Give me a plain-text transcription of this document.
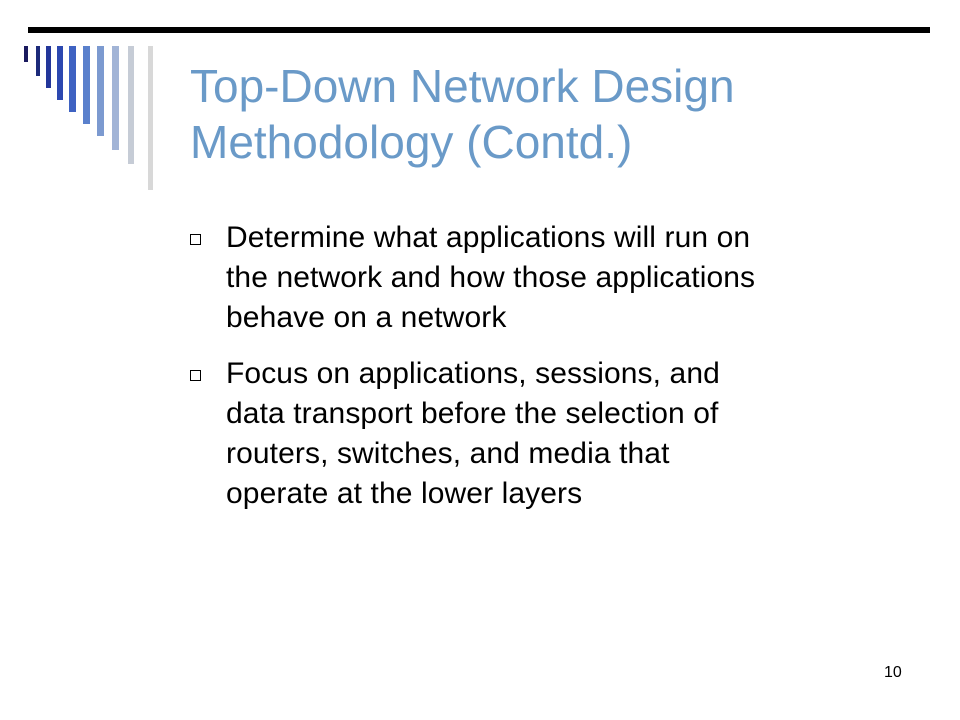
Top-Down Network Design
Methodology (Contd.)
Determine what applications will run on
the network and how those applications
behave on a network
Focus on applications, sessions, and
data transport before the selection of
routers, switches, and media that
operate at the lower layers
10
